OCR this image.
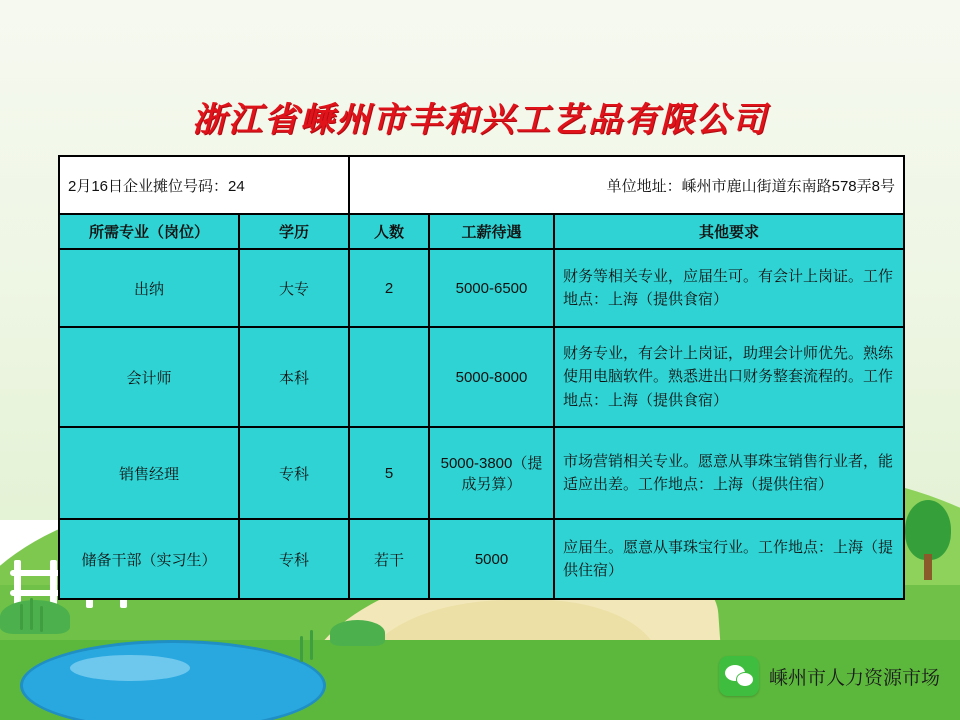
浙江省嵊州市丰和兴工艺品有限公司
2月16日企业摊位号码：24		单位地址：嵊州市鹿山街道东南路578弄8号		
所需专业（岗位）	学历	人数	工薪待遇	其他要求
出纳	大专	2	5000-6500	财务等相关专业，应届生可。有会计上岗证。工作地点：上海（提供食宿）
会计师	本科		5000-8000	财务专业，有会计上岗证，助理会计师优先。熟练使用电脑软件。熟悉进出口财务整套流程的。工作地点：上海（提供食宿）
销售经理	专科	5	5000-3800（提成另算）	市场营销相关专业。愿意从事珠宝销售行业者，能适应出差。工作地点：上海（提供住宿）
储备干部（实习生）	专科	若干	5000	应届生。愿意从事珠宝行业。工作地点：上海（提供住宿）
嵊州市人力资源市场
